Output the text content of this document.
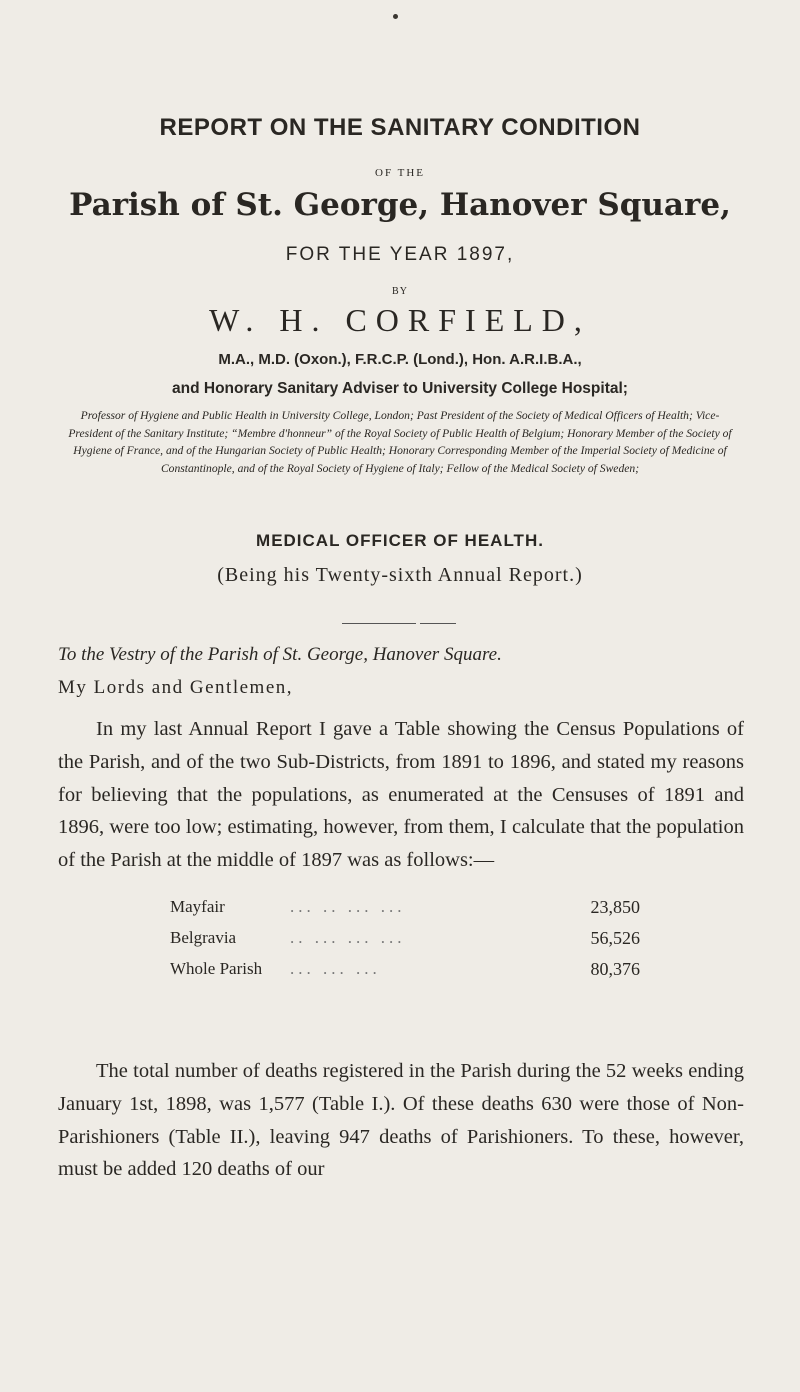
REPORT ON THE SANITARY CONDITION
OF THE
Parish of St. George, Hanover Square,
FOR THE YEAR 1897,
BY
W. H. CORFIELD,
M.A., M.D. (Oxon.), F.R.C.P. (Lond.), Hon. A.R.I.B.A.,
and Honorary Sanitary Adviser to University College Hospital;
Professor of Hygiene and Public Health in University College, London; Past President of the Society of Medical Officers of Health; Vice-President of the Sanitary Institute; “Membre d'honneur” of the Royal Society of Public Health of Belgium; Honorary Member of the Society of Hygiene of France, and of the Hungarian Society of Public Health; Honorary Corresponding Member of the Imperial Society of Medicine of Constantinople, and of the Royal Society of Hygiene of Italy; Fellow of the Medical Society of Sweden;
MEDICAL OFFICER OF HEALTH.
(Being his Twenty-sixth Annual Report.)
To the Vestry of the Parish of St. George, Hanover Square.
My Lords and Gentlemen,
In my last Annual Report I gave a Table showing the Census Populations of the Parish, and of the two Sub-Districts, from 1891 to 1896, and stated my reasons for believing that the populations, as enumerated at the Censuses of 1891 and 1896, were too low; estimating, however, from them, I calculate that the population of the Parish at the middle of 1897 was as follows:—
Mayfair	... .. ... ...	23,850
Belgravia	.. ... ... ...	56,526
Whole Parish ... ... ...	80,376
The total number of deaths registered in the Parish during the 52 weeks ending January 1st, 1898, was 1,577 (Table I.). Of these deaths 630 were those of Non-Parishioners (Table II.), leaving 947 deaths of Parishioners. To these, however, must be added 120 deaths of our
